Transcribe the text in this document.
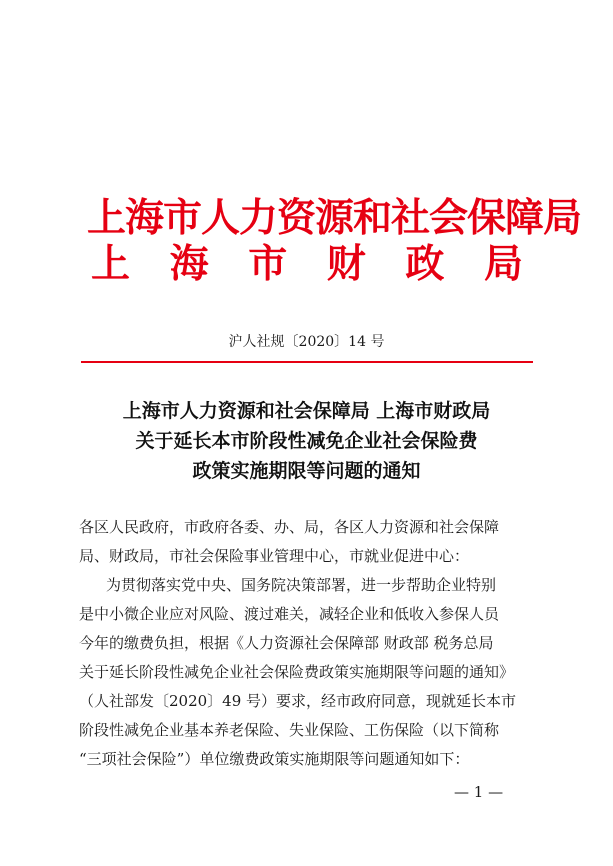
上海市人力资源和社会保障局
上 海 市 财 政 局
沪人社规〔2020〕14 号
上海市人力资源和社会保障局 上海市财政局
关于延长本市阶段性减免企业社会保险费
政策实施期限等问题的通知
各区人民政府，市政府各委、办、局，各区人力资源和社会保障
局、财政局，市社会保险事业管理中心，市就业促进中心：
为贯彻落实党中央、国务院决策部署，进一步帮助企业特别
是中小微企业应对风险、渡过难关，减轻企业和低收入参保人员
今年的缴费负担，根据《人力资源社会保障部 财政部 税务总局
关于延长阶段性减免企业社会保险费政策实施期限等问题的通知》
（人社部发〔2020〕49 号）要求，经市政府同意，现就延长本市
阶段性减免企业基本养老保险、失业保险、工伤保险（以下简称
“三项社会保险”）单位缴费政策实施期限等问题通知如下：
— 1 —
